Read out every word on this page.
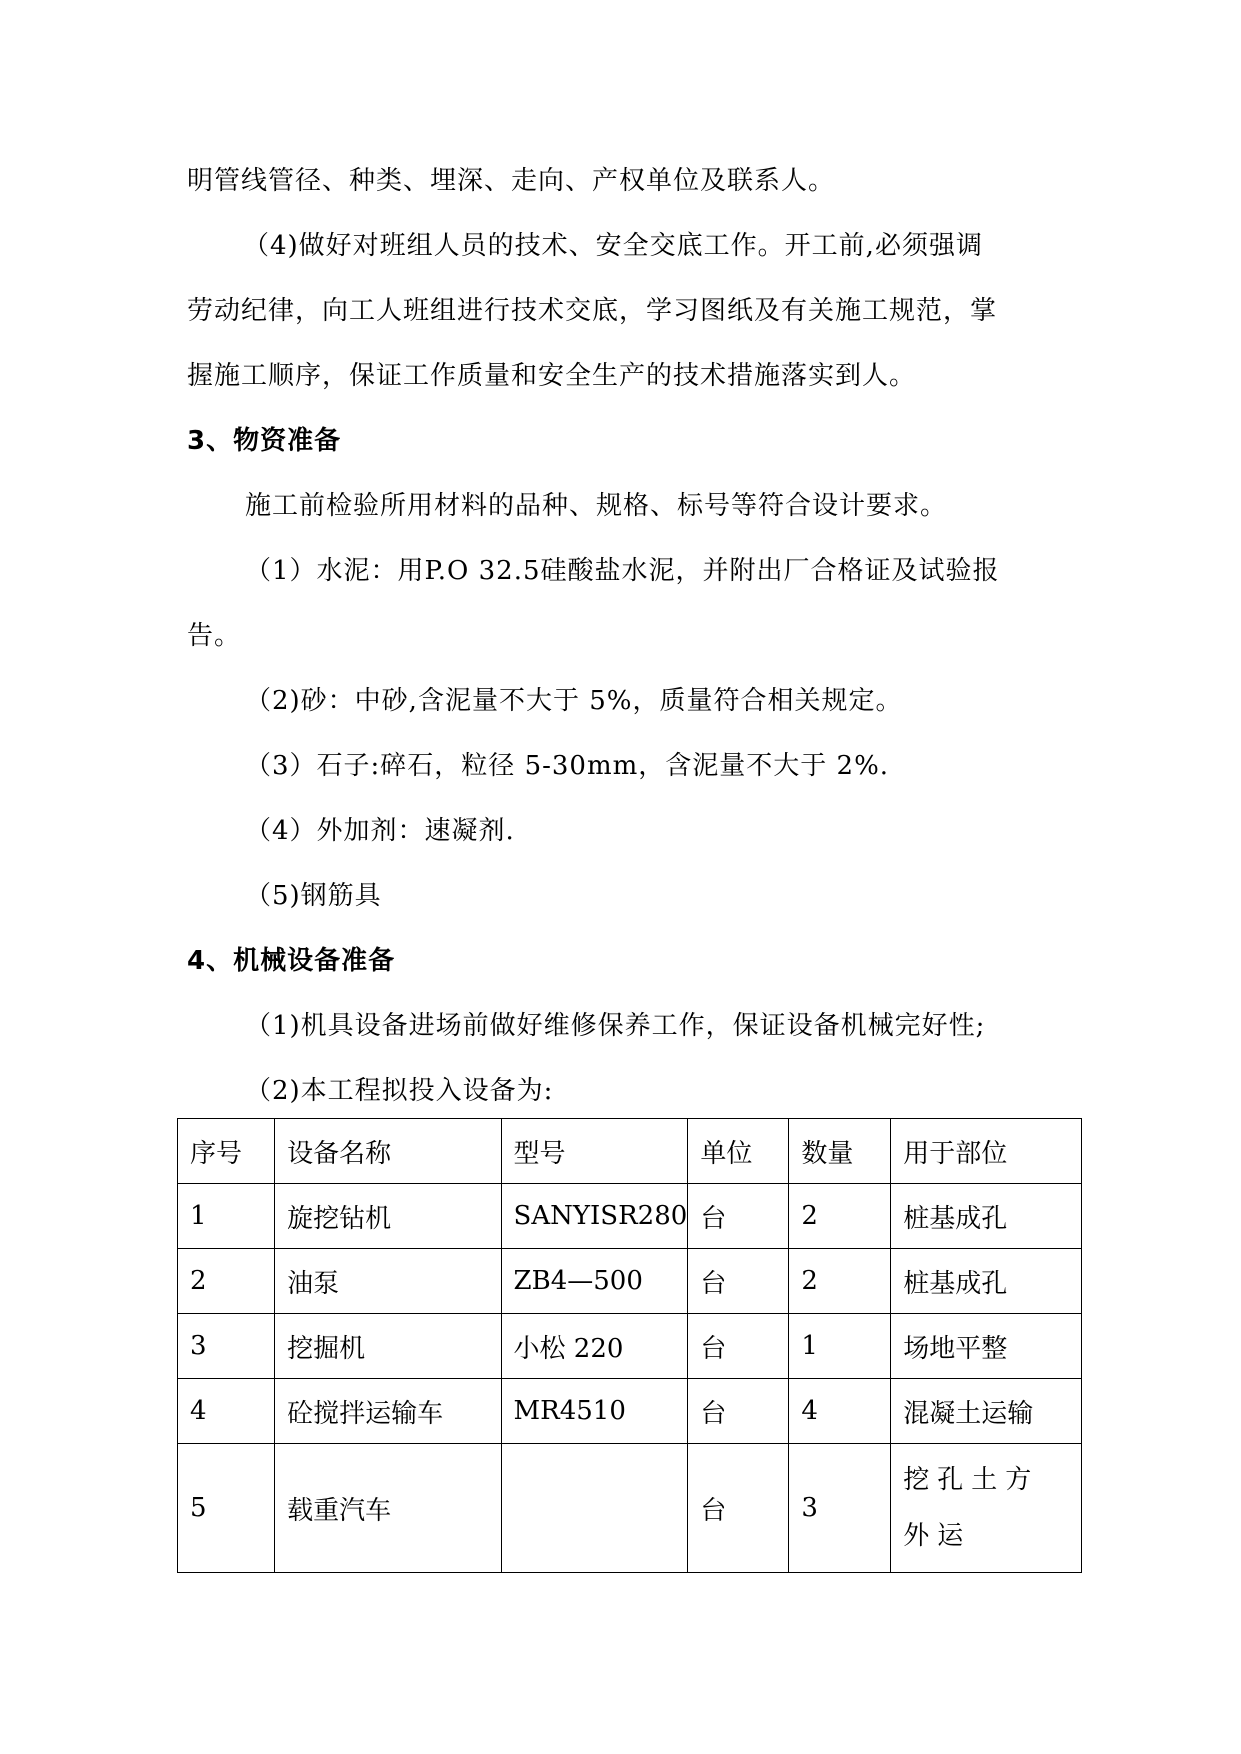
明管线管径、种类、埋深、走向、产权单位及联系人。
（4)做好对班组人员的技术、安全交底工作。开工前,必须强调
劳动纪律，向工人班组进行技术交底，学习图纸及有关施工规范，掌
握施工顺序，保证工作质量和安全生产的技术措施落实到人。
3、物资准备
施工前检验所用材料的品种、规格、标号等符合设计要求。
（1）水泥：用P.O 32.5硅酸盐水泥，并附出厂合格证及试验报
告。
（2)砂：中砂,含泥量不大于 5%，质量符合相关规定。
（3）石子:碎石，粒径 5-30mm，含泥量不大于 2%.
（4）外加剂：速凝剂.
（5)钢筋具
4、机械设备准备
（1)机具设备进场前做好维修保养工作，保证设备机械完好性;
（2)本工程拟投入设备为:
序号	设备名称	型号	单位	数量	用于部位
1	旋挖钻机	SANYISR280	台	2	桩基成孔
2	油泵	ZB4—500	台	2	桩基成孔
3	挖掘机	小松 220	台	1	场地平整
4	砼搅拌运输车	MR4510	台	4	混凝土运输
5	载重汽车		台	3	挖孔土方外运
